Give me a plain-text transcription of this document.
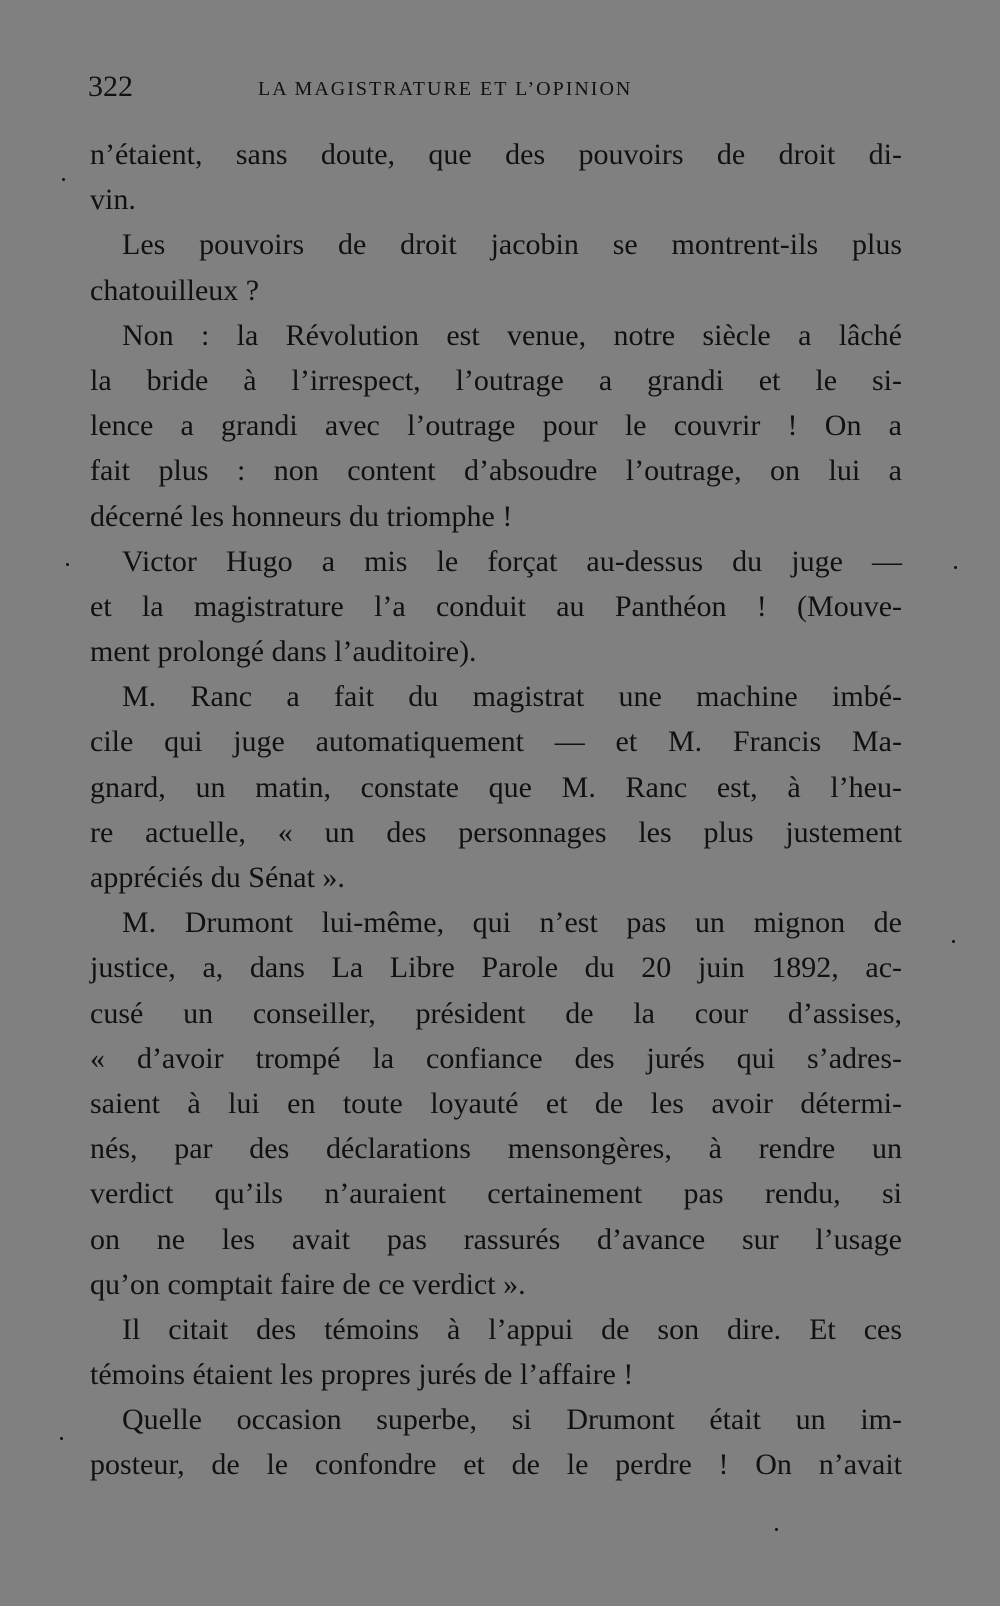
322	LA MAGISTRATURE ET L’OPINION
n’étaient, sans doute, que des pouvoirs de droit di-
vin.
Les pouvoirs de droit jacobin se montrent-ils plus
chatouilleux ?
Non : la Révolution est venue, notre siècle a lâché
la bride à l’irrespect, l’outrage a grandi et le si-
lence a grandi avec l’outrage pour le couvrir ! On a
fait plus : non content d’absoudre l’outrage, on lui a
décerné les honneurs du triomphe !
Victor Hugo a mis le forçat au-dessus du juge —
et la magistrature l’a conduit au Panthéon ! (Mouve-
ment prolongé dans l’auditoire).
M. Ranc a fait du magistrat une machine imbé-
cile qui juge automatiquement — et M. Francis Ma-
gnard, un matin, constate que M. Ranc est, à l’heu-
re actuelle, « un des personnages les plus justement
appréciés du Sénat ».
M. Drumont lui-même, qui n’est pas un mignon de
justice, a, dans La Libre Parole du 20 juin 1892, ac-
cusé un conseiller, président de la cour d’assises,
« d’avoir trompé la confiance des jurés qui s’adres-
saient à lui en toute loyauté et de les avoir détermi-
nés, par des déclarations mensongères, à rendre un
verdict qu’ils n’auraient certainement pas rendu, si
on ne les avait pas rassurés d’avance sur l’usage
qu’on comptait faire de ce verdict ».
Il citait des témoins à l’appui de son dire. Et ces
témoins étaient les propres jurés de l’affaire !
Quelle occasion superbe, si Drumont était un im-
posteur, de le confondre et de le perdre ! On n’avait
